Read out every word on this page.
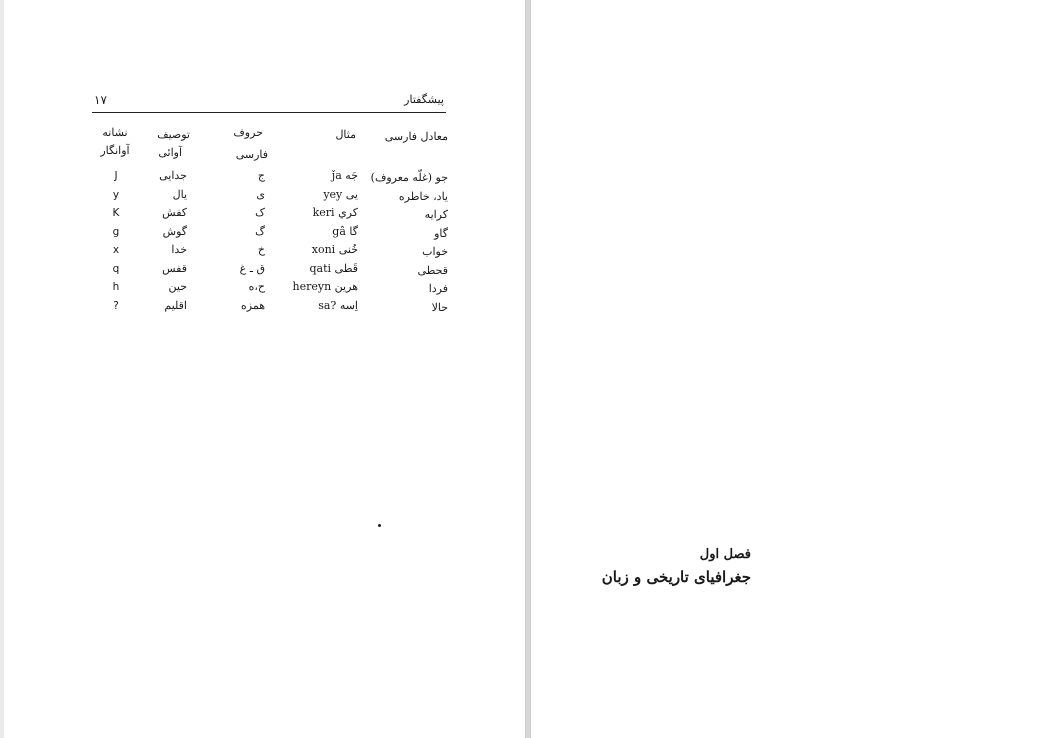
فصل اول
جغرافیای تاریخی و زبان
۱۷	پیشگفتار
معادل فارسی
مثال
حروف
فارسی
توصیف
آوائی
نشانه
آوانگار
جو (غلّه معروف)
جَه ǰa
ج
جدایی
J
یاد، خاطره
یی yey
ی
یال
y
کرایه
کري keri
ک
کفش
K
گاو
گا gâ
گ
گوش
g
خواب
خُنی xoni
خ
خدا
x
قحطی
قَطی qati
ق ـ غ
قفس
q
فردا
هرین hereyn
ح،ه
حین
h
حالا
اِسه ?sa
همزه
اقلیم
?
